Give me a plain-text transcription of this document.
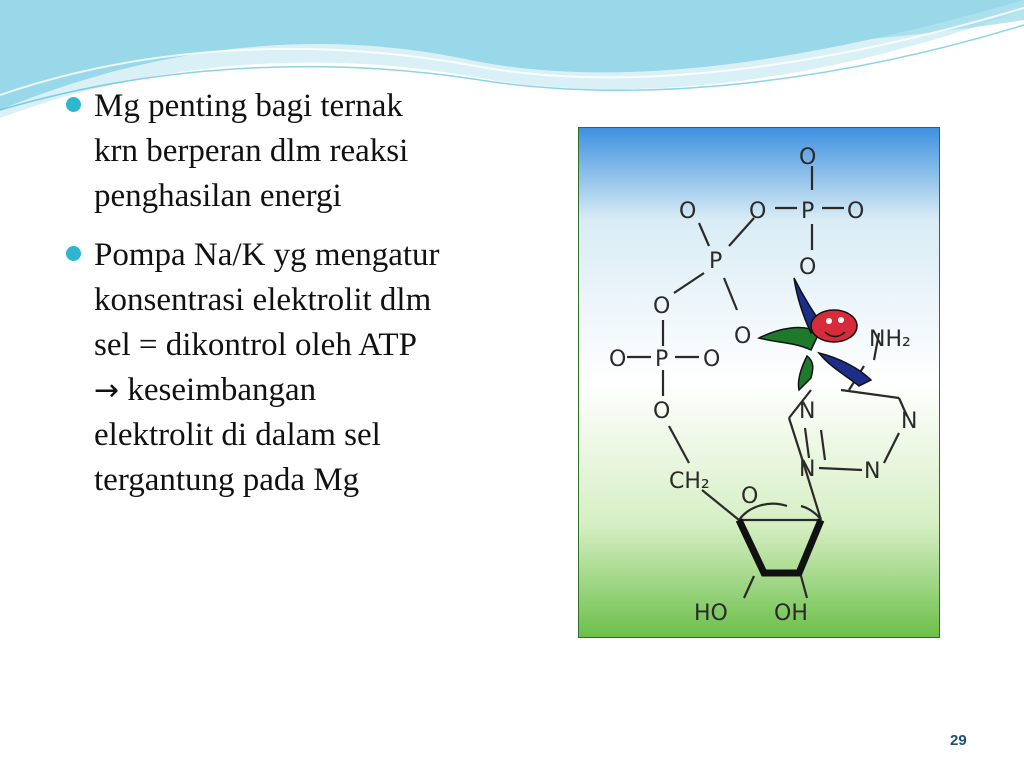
Mg penting bagi ternak
krn berperan dlm reaksi
penghasilan energi
Pompa Na/K yg mengatur
konsentrasi elektrolit dlm
sel = dikontrol oleh ATP
→ keseimbangan
elektrolit di dalam sel
tergantung pada Mg
O
O O P O
P	O
O
O
O P O
O
NH₂
N	N
N N
CH₂
O
HO OH
29
